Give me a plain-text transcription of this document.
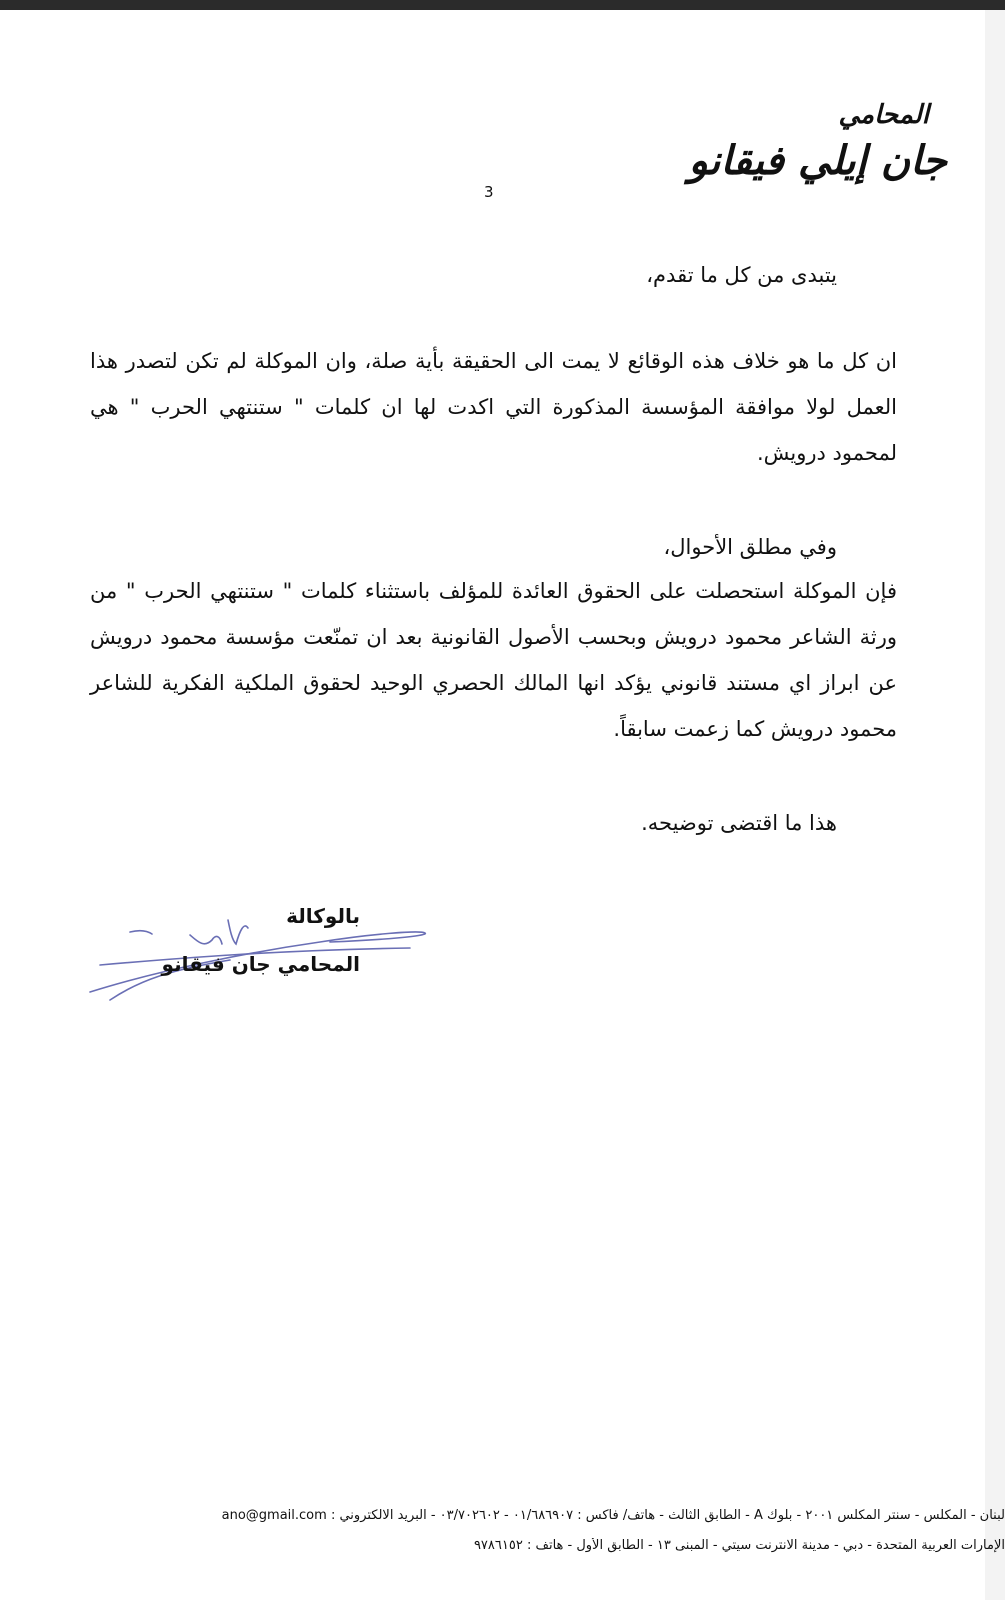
المحامي
جان إيلي فيقانو
3
يتبدى من كل ما تقدم،
ان كل ما هو خلاف هذه الوقائع لا يمت الى الحقيقة بأية صلة، وان الموكلة لم تكن لتصدر هذا العمل لولا موافقة المؤسسة المذكورة التي اكدت لها ان كلمات " ستنتهي الحرب " هي لمحمود درويش.
وفي مطلق الأحوال،
فإن الموكلة استحصلت على الحقوق العائدة للمؤلف باستثناء كلمات " ستنتهي الحرب " من ورثة الشاعر محمود درويش وبحسب الأصول القانونية بعد ان تمنّعت مؤسسة محمود درويش عن ابراز اي مستند قانوني يؤكد انها المالك الحصري الوحيد لحقوق الملكية الفكرية للشاعر محمود درويش كما زعمت سابقاً.
هذا ما اقتضى توضيحه.
بالوكالة
المحامي جان فيقانو
لبنان - المكلس - سنتر المكلس ٢٠٠١ - بلوك A - الطابق الثالث - هاتف/ فاكس : ٠١/٦٨٦٩٠٧ - ٠٣/٧٠٢٦٠٢ - البريد الالكتروني : ano@gmail.com
الإمارات العربية المتحدة - دبي - مدينة الانترنت سيتي - المبنى ١٣ - الطابق الأول - هاتف : ٩٧٨٦١٥٢
